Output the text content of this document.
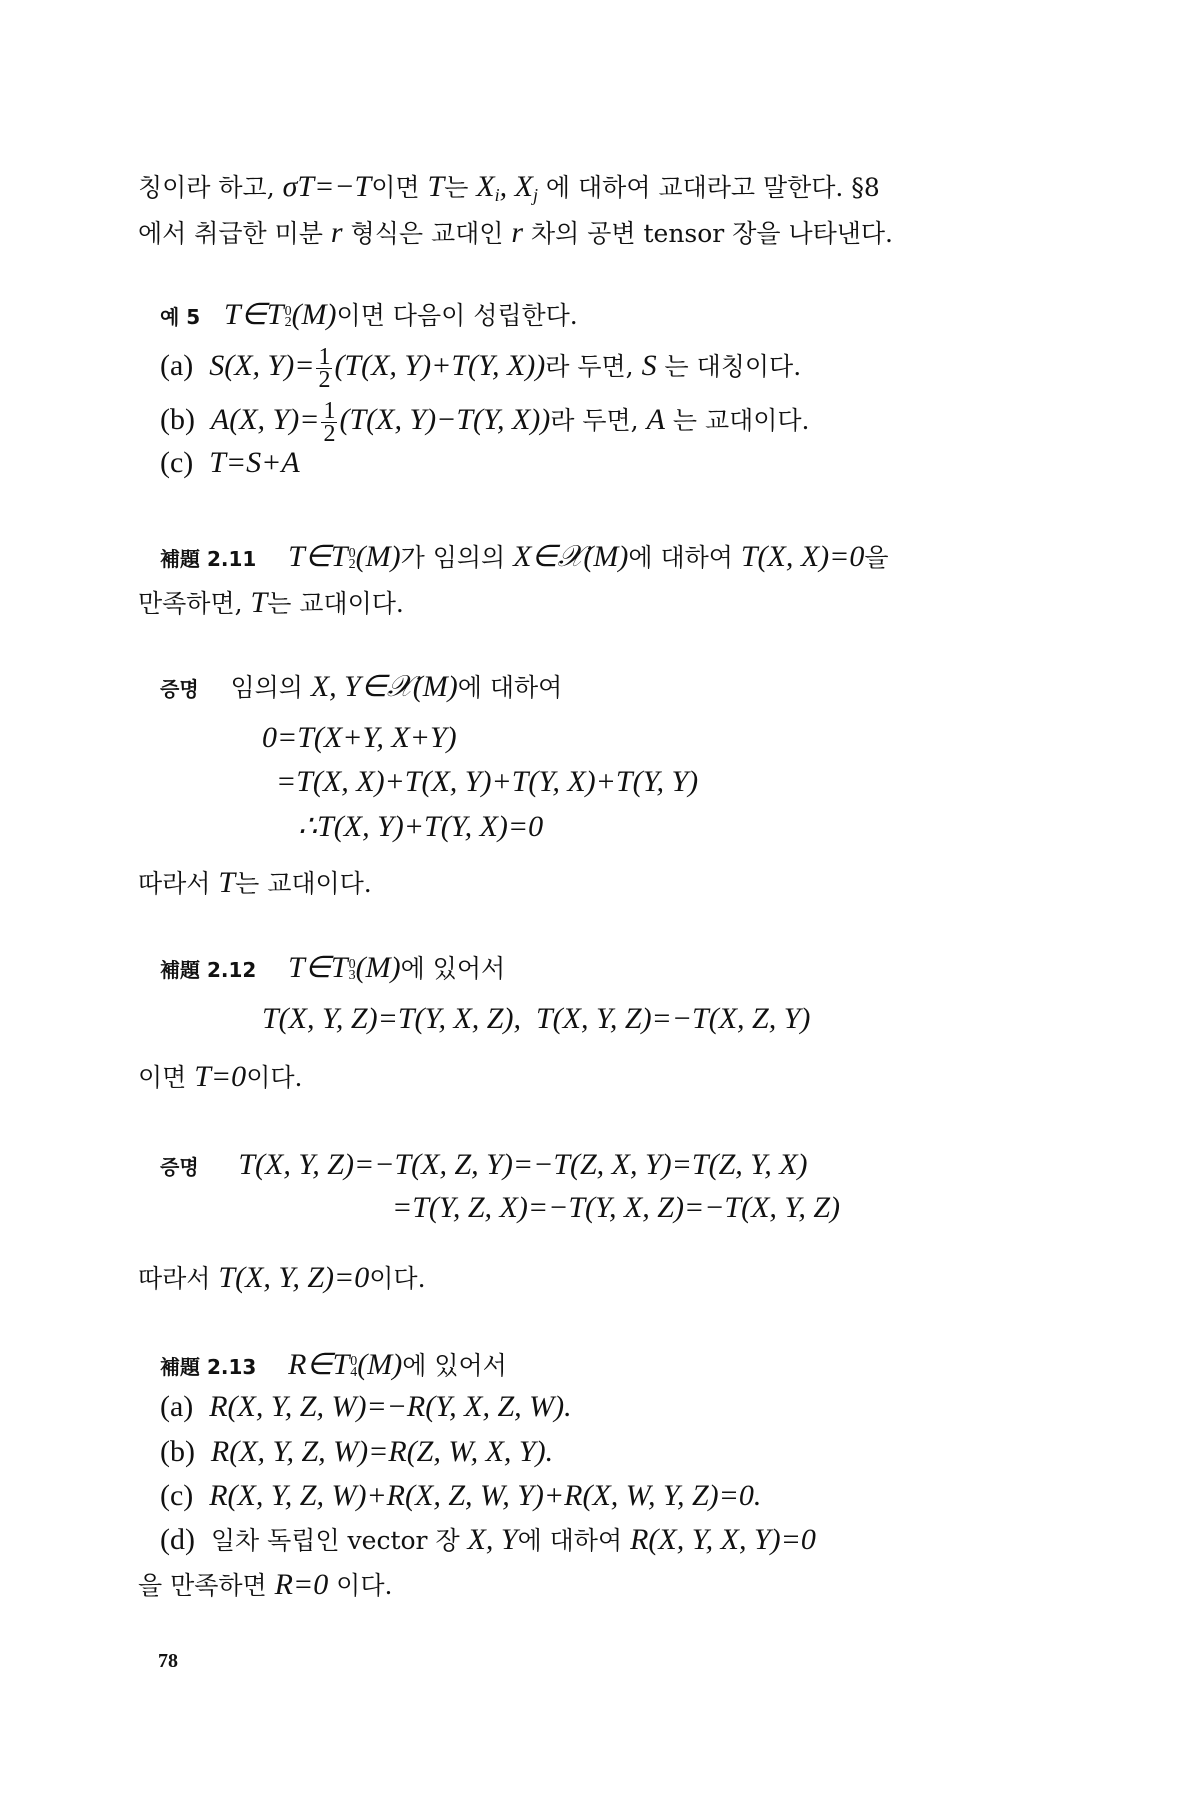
칭이라 하고, σT=−T이면 T는 $X_i$, $X_j$ 에 대하여 교대라고 말한다. §8
에서 취급한 미분 r 형식은 교대인 r 차의 공변 tensor 장을 나타낸다.
예 5 T∈T 0
2 (M)이면 다음이 성립한다.
(a) S(X, $Y)= \frac{1}{2} (T(X$, Y)+T(Y, X))라 두면, S 는 대칭이다.
(b) A(X, $Y)= \frac{1}{2} (T(X$, Y)−T(Y, X))라 두면, A 는 교대이다.
(c) T=S+A
補題 2.11 T∈T 0
2 (M)가 임의의 X∈𝒳(M)에 대하여 T(X, X)=0을
만족하면, T는 교대이다.
증명 임의의 X, Y∈𝒳(M)에 대하여
0=T(X+Y, X+Y)
=T(X, X)+T(X, Y)+T(Y, X)+T(Y, Y)
∴T(X, Y)+T(Y, X)=0
따라서 T는 교대이다.
補題 2.12 T∈T 0
3 (M)에 있어서
T(X, Y, Z)=T(Y, X, Z),  T(X, Y, Z)=−T(X, Z, Y)
이면 T=0이다.
증명 T(X, Y, Z)=−T(X, Z, Y)=−T(Z, X, Y)=T(Z, Y, X)
=T(Y, Z, X)=−T(Y, X, Z)=−T(X, Y, Z)
따라서 T(X, Y, Z)=0이다.
補題 2.13 R∈T 0
4 (M)에 있어서
(a) R(X, Y, Z, W)=−R(Y, X, Z, W).
(b) R(X, Y, Z, W)=R(Z, W, X, Y).
(c) R(X, Y, Z, W)+R(X, Z, W, Y)+R(X, W, Y, Z)=0.
(d) 일차 독립인 vector 장 X, Y에 대하여 R(X, Y, X, Y)=0
을 만족하면 R=0 이다.
78
